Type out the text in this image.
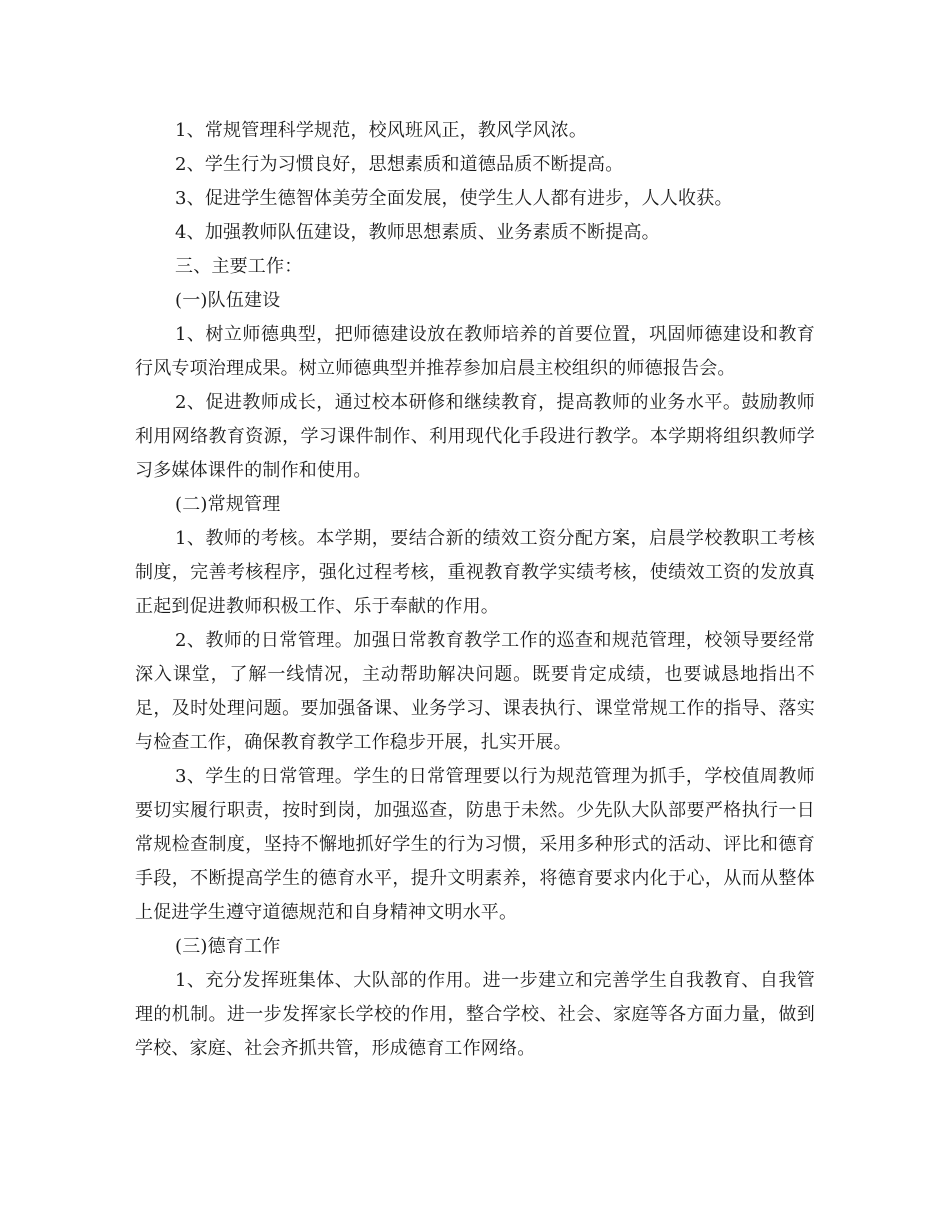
1、常规管理科学规范，校风班风正，教风学风浓。

2、学生行为习惯良好，思想素质和道德品质不断提高。

3、促进学生德智体美劳全面发展，使学生人人都有进步，人人收获。

4、加强教师队伍建设，教师思想素质、业务素质不断提高。

三、主要工作：

(一)队伍建设

1、树立师德典型，把师德建设放在教师培养的首要位置，巩固师德建设和教育行风专项治理成果。树立师德典型并推荐参加启晨主校组织的师德报告会。

2、促进教师成长，通过校本研修和继续教育，提高教师的业务水平。鼓励教师利用网络教育资源，学习课件制作、利用现代化手段进行教学。本学期将组织教师学习多媒体课件的制作和使用。

(二)常规管理

1、教师的考核。本学期，要结合新的绩效工资分配方案，启晨学校教职工考核制度，完善考核程序，强化过程考核，重视教育教学实绩考核，使绩效工资的发放真正起到促进教师积极工作、乐于奉献的作用。

2、教师的日常管理。加强日常教育教学工作的巡查和规范管理，校领导要经常深入课堂，了解一线情况，主动帮助解决问题。既要肯定成绩，也要诚恳地指出不足，及时处理问题。要加强备课、业务学习、课表执行、课堂常规工作的指导、落实与检查工作，确保教育教学工作稳步开展，扎实开展。

3、学生的日常管理。学生的日常管理要以行为规范管理为抓手，学校值周教师要切实履行职责，按时到岗，加强巡查，防患于未然。少先队大队部要严格执行一日常规检查制度，坚持不懈地抓好学生的行为习惯，采用多种形式的活动、评比和德育手段，不断提高学生的德育水平，提升文明素养，将德育要求内化于心，从而从整体上促进学生遵守道德规范和自身精神文明水平。

(三)德育工作

1、充分发挥班集体、大队部的作用。进一步建立和完善学生自我教育、自我管理的机制。进一步发挥家长学校的作用，整合学校、社会、家庭等各方面力量，做到学校、家庭、社会齐抓共管，形成德育工作网络。
